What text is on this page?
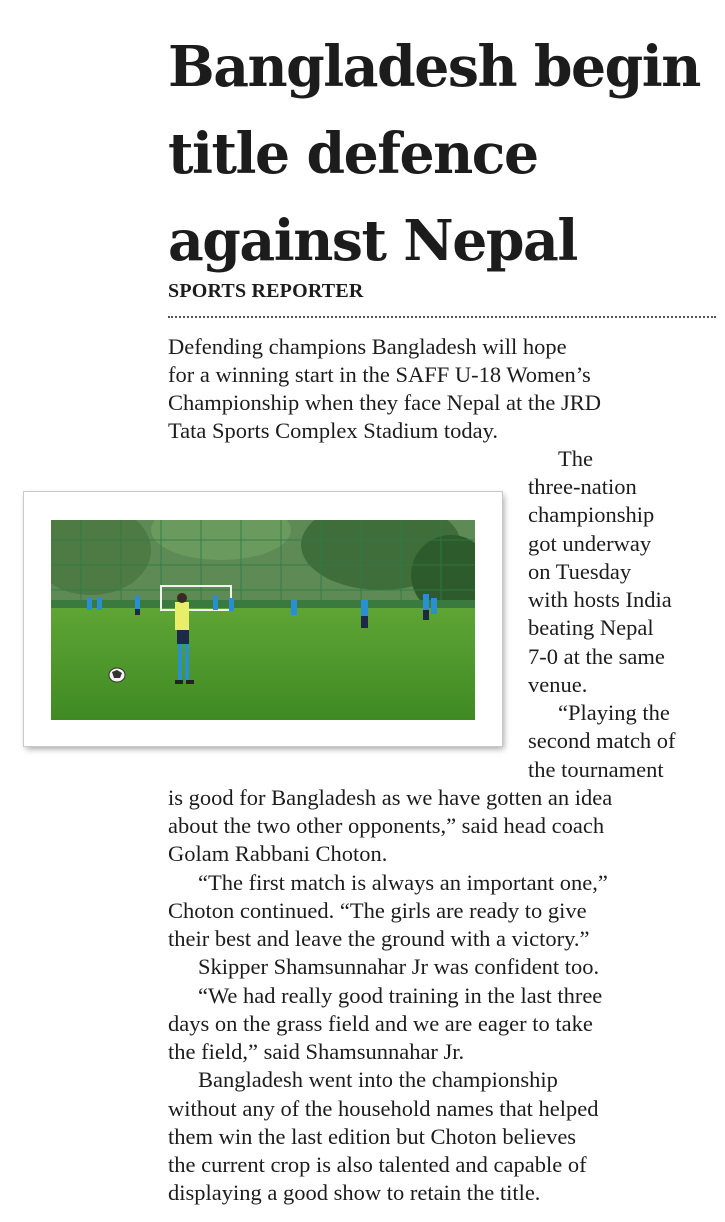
Bangladesh begin
title defence
against Nepal
SPORTS REPORTER
Defending champions Bangladesh will hope
for a winning start in the SAFF U-18 Women’s
Championship when they face Nepal at the JRD
Tata Sports Complex Stadium today.
The
three-nation
championship
got underway
on Tuesday
with hosts India
beating Nepal
7-0 at the same
venue.
“Playing the
second match of
the tournament
is good for Bangladesh as we have gotten an idea
about the two other opponents,” said head coach
Golam Rabbani Choton.
“The first match is always an important one,”
Choton continued. “The girls are ready to give
their best and leave the ground with a victory.”
Skipper Shamsunnahar Jr was confident too.
“We had really good training in the last three
days on the grass field and we are eager to take
the field,” said Shamsunnahar Jr.
Bangladesh went into the championship
without any of the household names that helped
them win the last edition but Choton believes
the current crop is also talented and capable of
displaying a good show to retain the title.
